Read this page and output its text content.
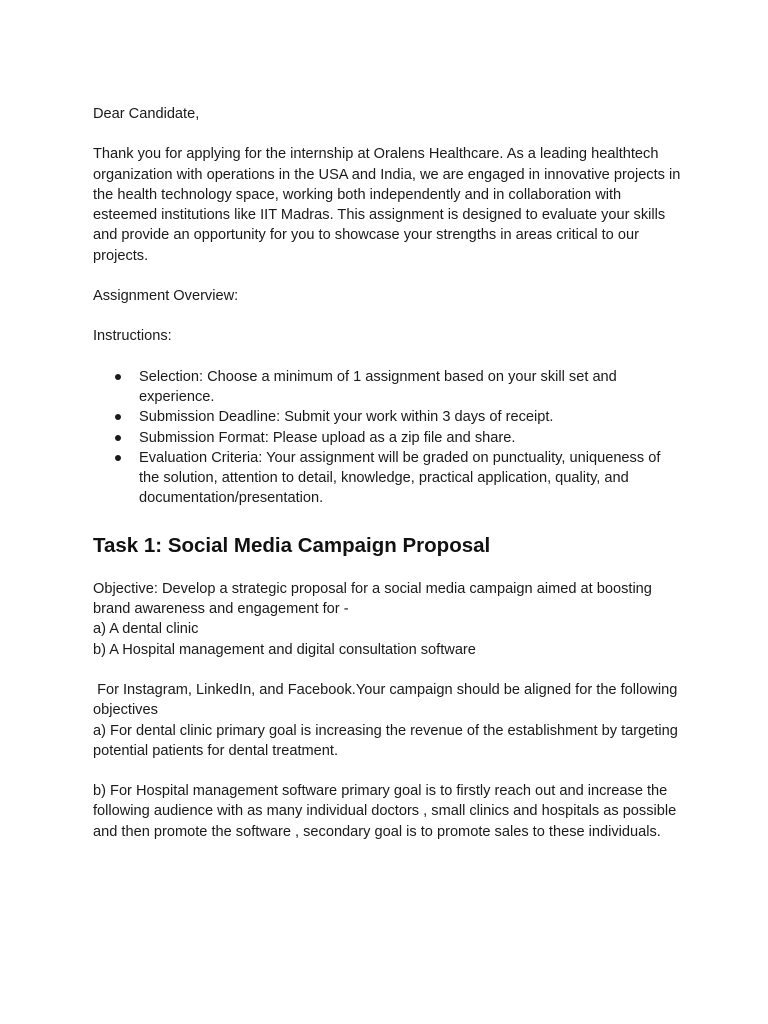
Dear Candidate,

Thank you for applying for the internship at Oralens Healthcare. As a leading healthtech organization with operations in the USA and India, we are engaged in innovative projects in the health technology space, working both independently and in collaboration with esteemed institutions like IIT Madras. This assignment is designed to evaluate your skills and provide an opportunity for you to showcase your strengths in areas critical to our projects.

Assignment Overview:

Instructions:

Selection: Choose a minimum of 1 assignment based on your skill set and experience.
Submission Deadline: Submit your work within 3 days of receipt.
Submission Format: Please upload as a zip file and share.
Evaluation Criteria: Your assignment will be graded on punctuality, uniqueness of the solution, attention to detail, knowledge, practical application, quality, and documentation/presentation.
Task 1: Social Media Campaign Proposal

Objective: Develop a strategic proposal for a social media campaign aimed at boosting brand awareness and engagement for -
a) A dental clinic
b) A Hospital management and digital consultation software

For Instagram, LinkedIn, and Facebook.Your campaign should be aligned for the following objectives
a) For dental clinic primary goal is increasing the revenue of the establishment by targeting potential patients for dental treatment.

b) For Hospital management software primary goal is to firstly reach out and increase the following audience with as many individual doctors , small clinics and hospitals as possible and then promote the software , secondary goal is to promote sales to these individuals.
